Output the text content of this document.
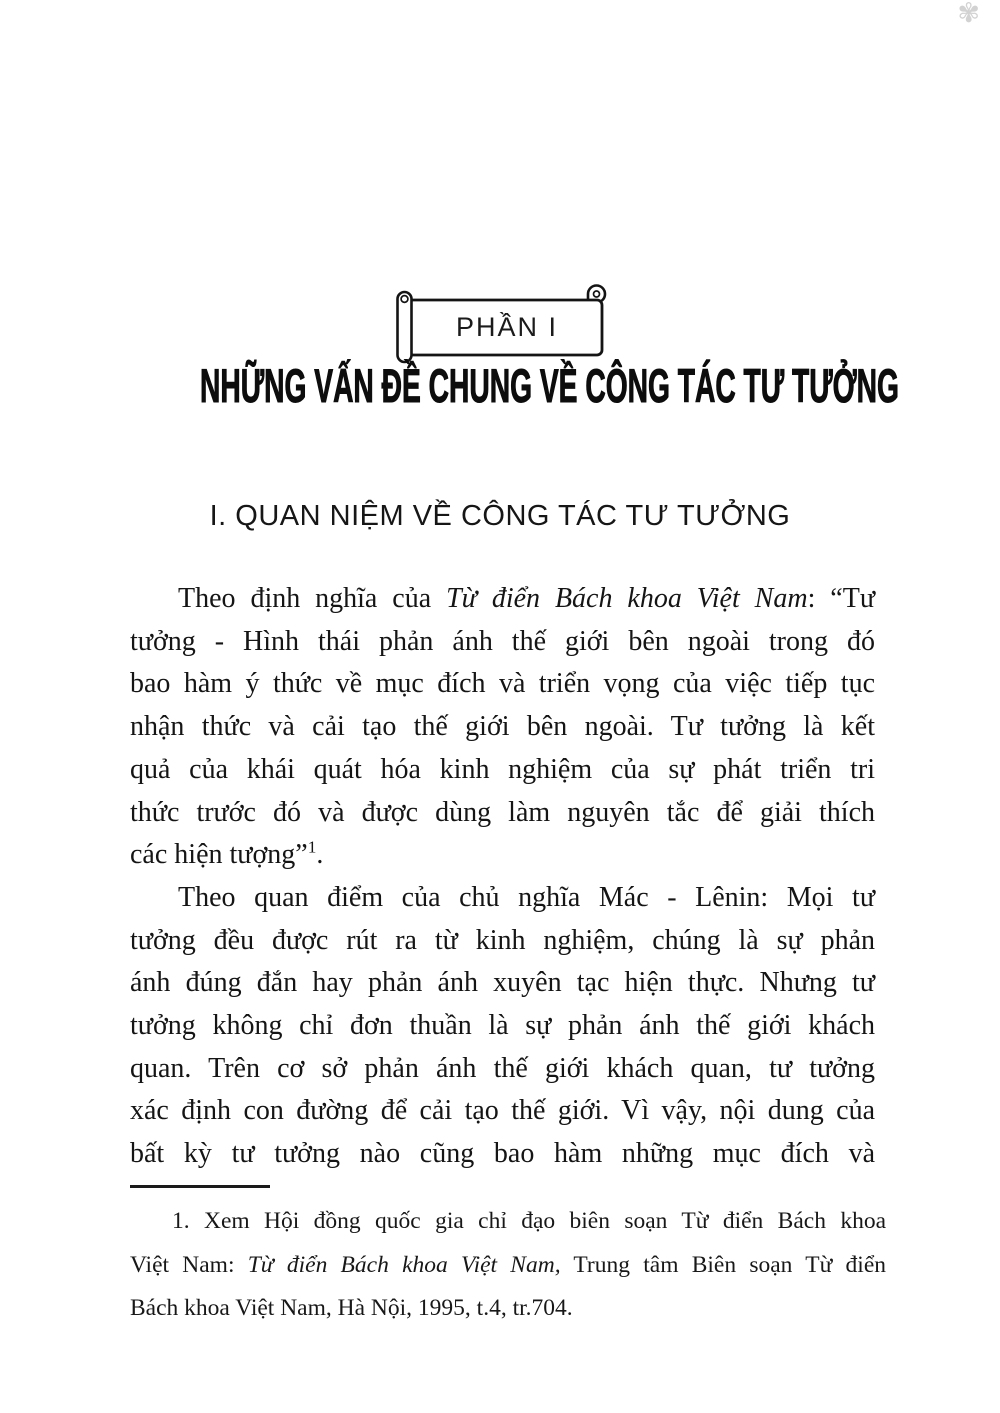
✾
PHẦN I
NHỮNG VẤN ĐỀ CHUNG VỀ CÔNG TÁC TƯ TƯỞNG
I. QUAN NIỆM VỀ CÔNG TÁC TƯ TƯỞNG
Theo định nghĩa của Từ điển Bách khoa Việt Nam: “Tư
tưởng - Hình thái phản ánh thế giới bên ngoài trong đó
bao hàm ý thức về mục đích và triển vọng của việc tiếp tục
nhận thức và cải tạo thế giới bên ngoài. Tư tưởng là kết
quả của khái quát hóa kinh nghiệm của sự phát triển tri
thức trước đó và được dùng làm nguyên tắc để giải thích
các hiện tượng”$^1$.
Theo quan điểm của chủ nghĩa Mác - Lênin: Mọi tư
tưởng đều được rút ra từ kinh nghiệm, chúng là sự phản
ánh đúng đắn hay phản ánh xuyên tạc hiện thực. Nhưng tư
tưởng không chỉ đơn thuần là sự phản ánh thế giới khách
quan. Trên cơ sở phản ánh thế giới khách quan, tư tưởng
xác định con đường để cải tạo thế giới. Vì vậy, nội dung của
bất kỳ tư tưởng nào cũng bao hàm những mục đích và
1. Xem Hội đồng quốc gia chỉ đạo biên soạn Từ điển Bách khoa
Việt Nam: Từ điển Bách khoa Việt Nam, Trung tâm Biên soạn Từ điển
Bách khoa Việt Nam, Hà Nội, 1995, t.4, tr.704.
